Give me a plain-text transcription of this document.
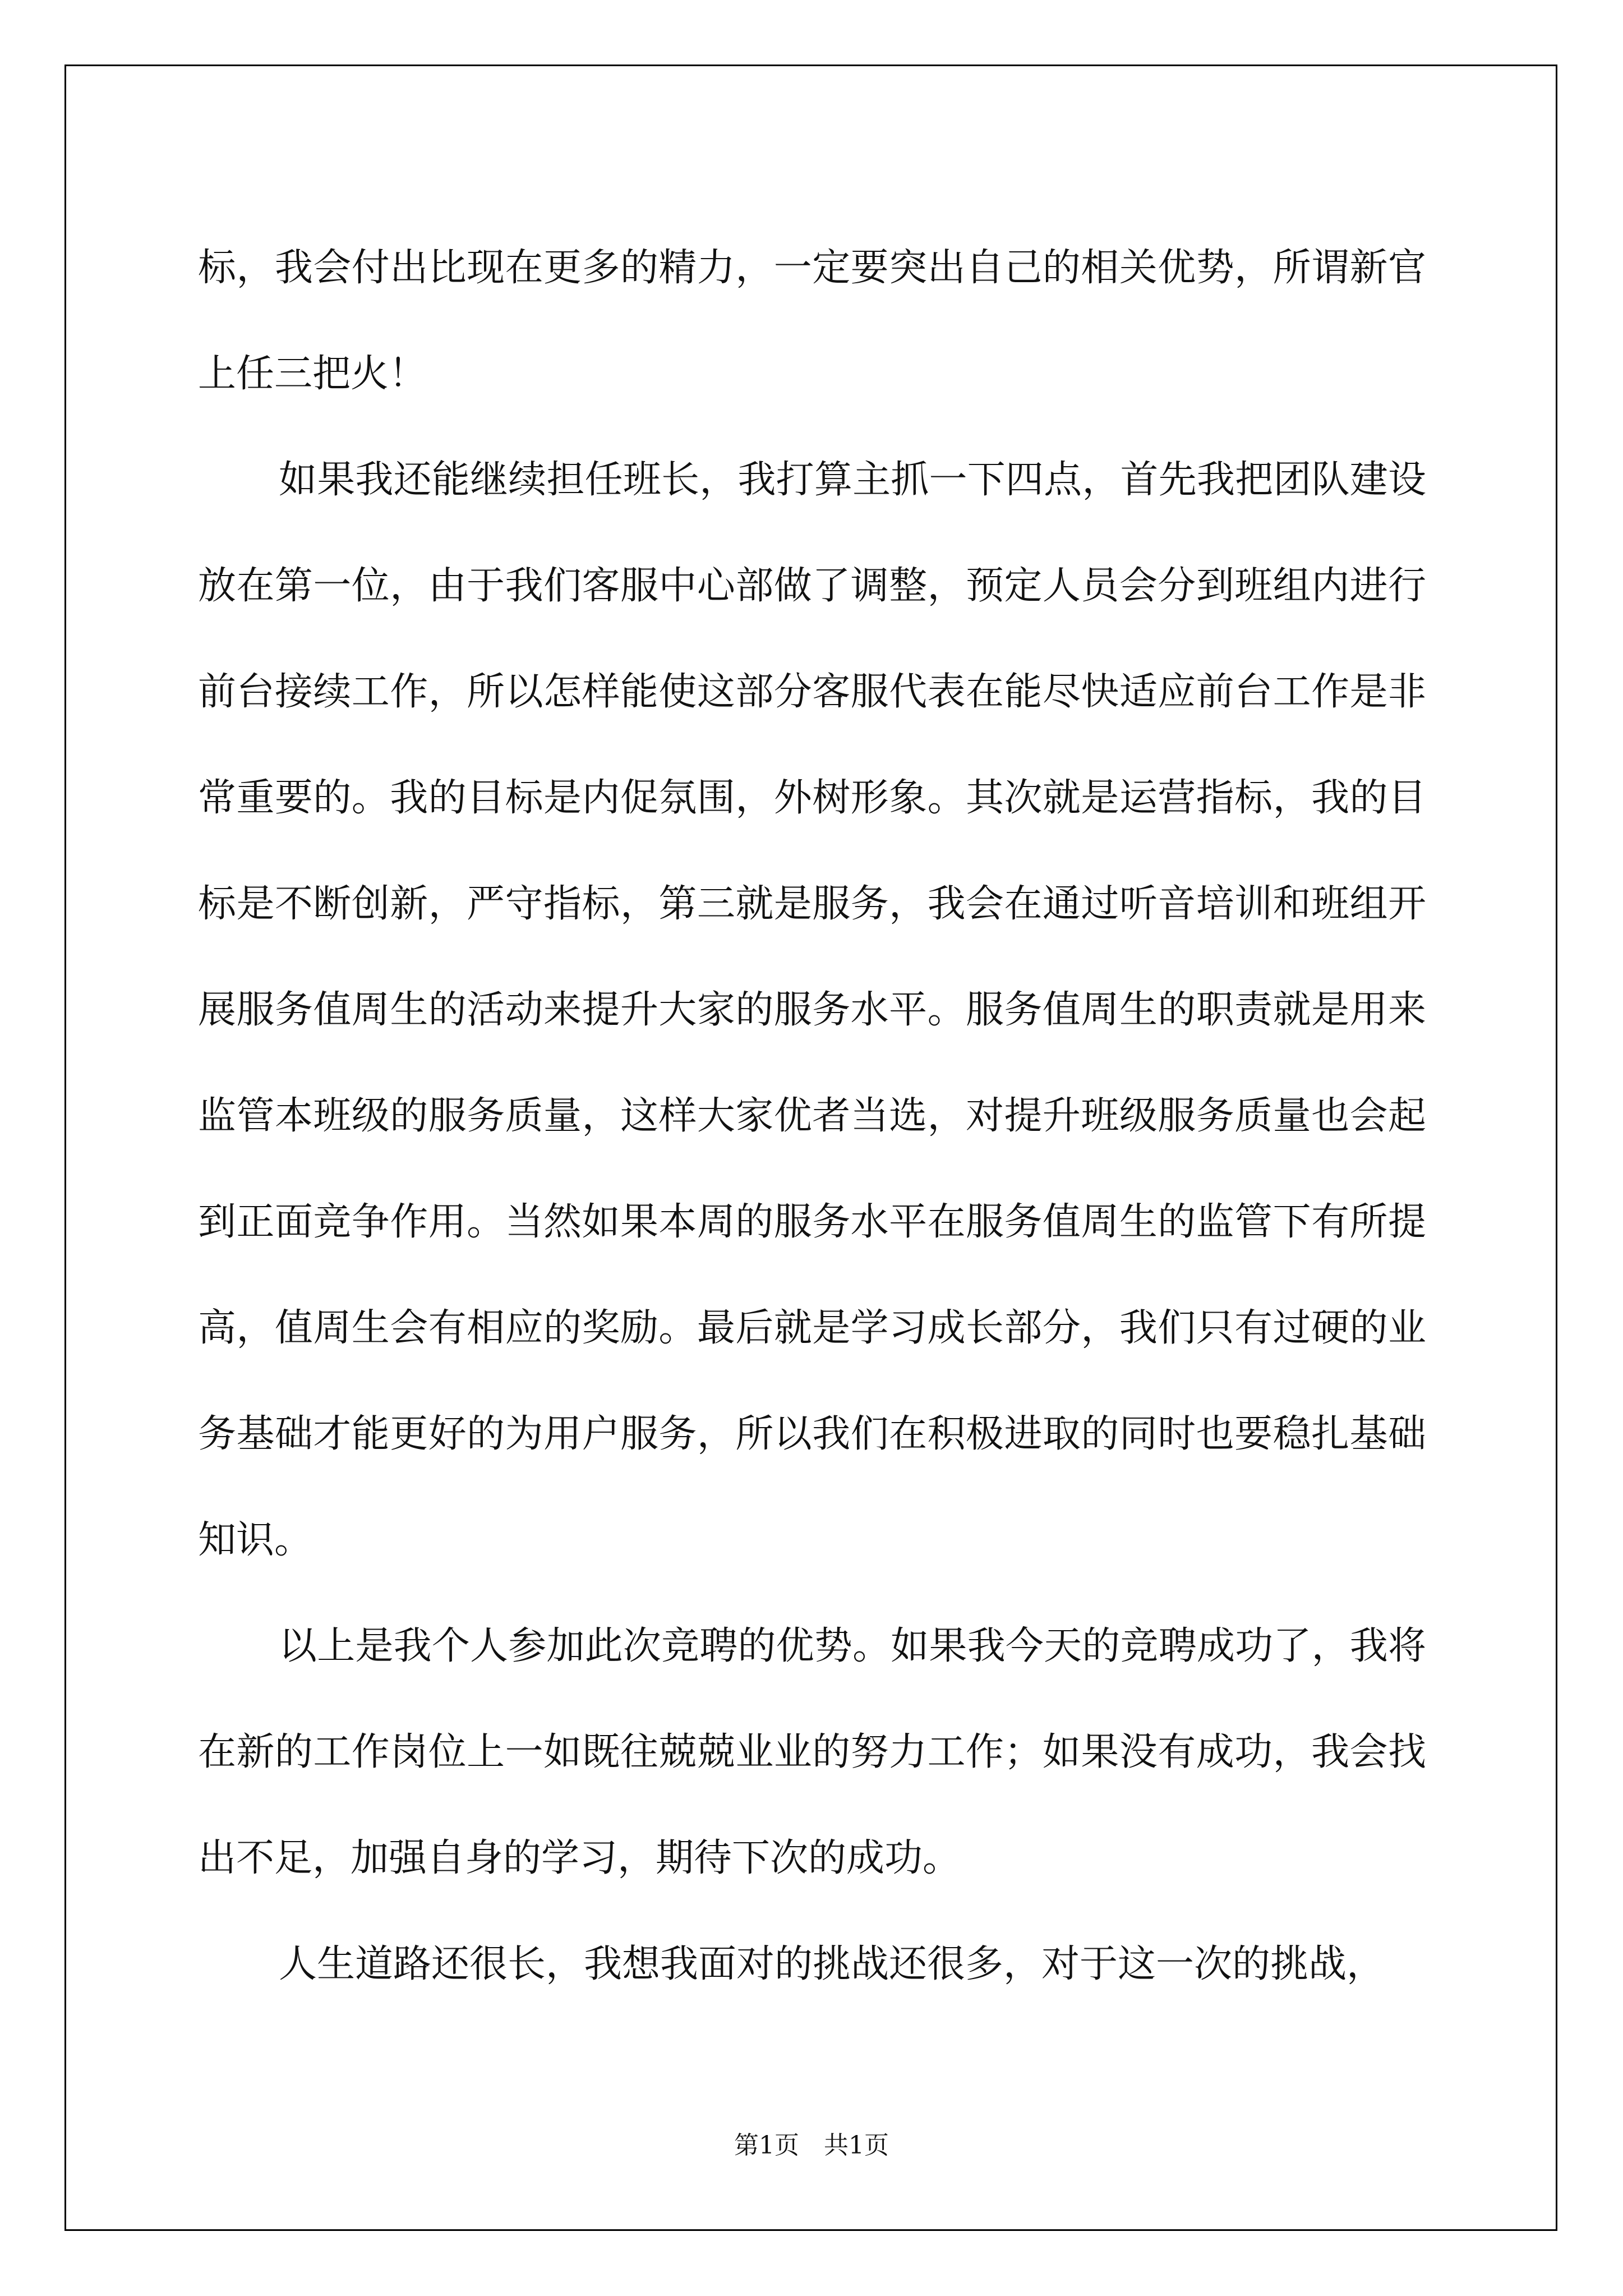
标，我会付出比现在更多的精力，一定要突出自己的相关优势，所谓新官上任三把火！

如果我还能继续担任班长，我打算主抓一下四点，首先我把团队建设放在第一位，由于我们客服中心部做了调整，预定人员会分到班组内进行前台接续工作，所以怎样能使这部分客服代表在能尽快适应前台工作是非常重要的。我的目标是内促氛围，外树形象。其次就是运营指标，我的目标是不断创新，严守指标，第三就是服务，我会在通过听音培训和班组开展服务值周生的活动来提升大家的服务水平。服务值周生的职责就是用来监管本班级的服务质量，这样大家优者当选，对提升班级服务质量也会起到正面竞争作用。当然如果本周的服务水平在服务值周生的监管下有所提高，值周生会有相应的奖励。最后就是学习成长部分，我们只有过硬的业务基础才能更好的为用户服务，所以我们在积极进取的同时也要稳扎基础知识。

以上是我个人参加此次竞聘的优势。如果我今天的竞聘成功了，我将在新的工作岗位上一如既往兢兢业业的努力工作；如果没有成功，我会找出不足，加强自身的学习，期待下次的成功。

人生道路还很长，我想我面对的挑战还很多，对于这一次的挑战，

第1页　共1页
